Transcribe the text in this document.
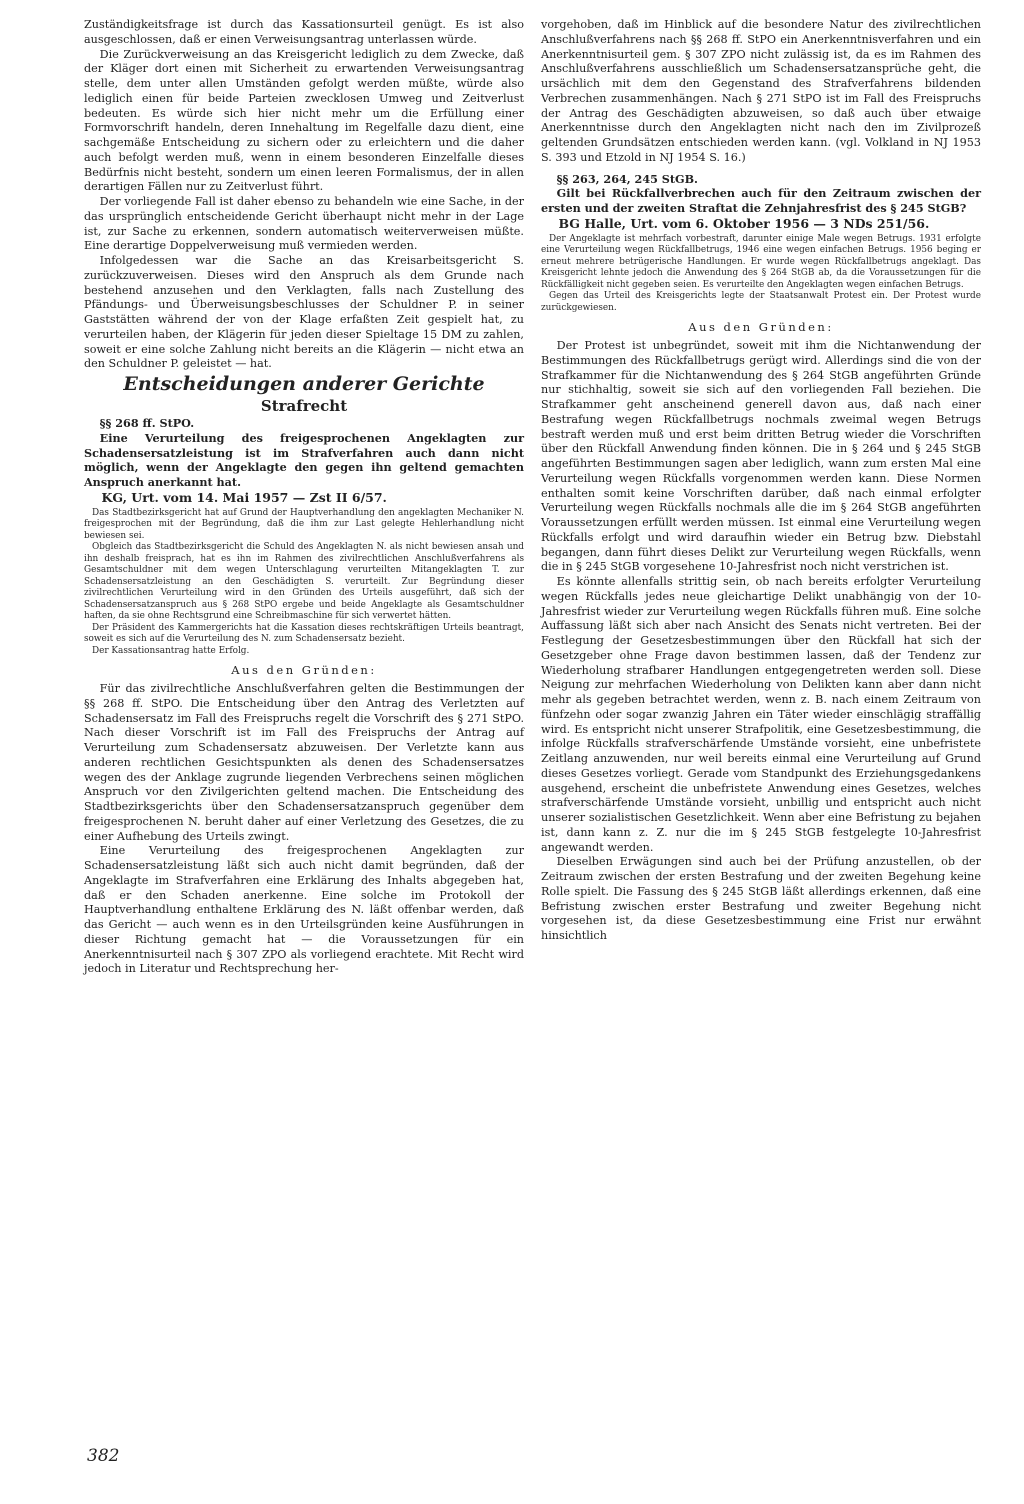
Zuständigkeitsfrage ist durch das Kassationsurteil genügt. Es ist also ausgeschlossen, daß er einen Verweisungsantrag unterlassen würde.

Die Zurückverweisung an das Kreisgericht lediglich zu dem Zwecke, daß der Kläger dort einen mit Sicherheit zu erwartenden Verweisungsantrag stelle, dem unter allen Umständen gefolgt werden müßte, würde also lediglich einen für beide Parteien zwecklosen Umweg und Zeitverlust bedeuten. Es würde sich hier nicht mehr um die Erfüllung einer Formvorschrift handeln, deren Innehaltung im Regelfalle dazu dient, eine sachgemäße Entscheidung zu sichern oder zu erleichtern und die daher auch befolgt werden muß, wenn in einem besonderen Einzelfalle dieses Bedürfnis nicht besteht, sondern um einen leeren Formalismus, der in allen derartigen Fällen nur zu Zeitverlust führt.

Der vorliegende Fall ist daher ebenso zu behandeln wie eine Sache, in der das ursprünglich entscheidende Gericht überhaupt nicht mehr in der Lage ist, zur Sache zu erkennen, sondern automatisch weiterverweisen müßte. Eine derartige Doppelverweisung muß vermieden werden.

Infolgedessen war die Sache an das Kreisarbeitsgericht S. zurückzuverweisen. Dieses wird den Anspruch als dem Grunde nach bestehend anzusehen und den Verklagten, falls nach Zustellung des Pfändungs- und Überweisungsbeschlusses der Schuldner P. in seiner Gaststätten während der von der Klage erfaßten Zeit gespielt hat, zu verurteilen haben, der Klägerin für jeden dieser Spieltage 15 DM zu zahlen, soweit er eine solche Zahlung nicht bereits an die Klägerin — nicht etwa an den Schuldner P. geleistet — hat.

Entscheidungen anderer Gerichte

Strafrecht

§§ 268 ff. StPO.

Eine Verurteilung des freigesprochenen Angeklagten zur Schadensersatzleistung ist im Strafverfahren auch dann nicht möglich, wenn der Angeklagte den gegen ihn geltend gemachten Anspruch anerkannt hat.

KG, Urt. vom 14. Mai 1957 — Zst II 6/57.

Das Stadtbezirksgericht hat auf Grund der Hauptverhandlung den angeklagten Mechaniker N. freigesprochen mit der Begründung, daß die ihm zur Last gelegte Hehlerhandlung nicht bewiesen sei.

Obgleich das Stadtbezirksgericht die Schuld des Angeklagten N. als nicht bewiesen ansah und ihn deshalb freisprach, hat es ihn im Rahmen des zivilrechtlichen Anschlußverfahrens als Gesamtschuldner mit dem wegen Unterschlagung verurteilten Mitangeklagten T. zur Schadensersatzleistung an den Geschädigten S. verurteilt. Zur Begründung dieser zivilrechtlichen Verurteilung wird in den Gründen des Urteils ausgeführt, daß sich der Schadensersatzanspruch aus § 268 StPO ergebe und beide Angeklagte als Gesamtschuldner haften, da sie ohne Rechtsgrund eine Schreibmaschine für sich verwertet hätten.

Der Präsident des Kammergerichts hat die Kassation dieses rechtskräftigen Urteils beantragt, soweit es sich auf die Verurteilung des N. zum Schadensersatz bezieht.

Der Kassationsantrag hatte Erfolg.

Aus den Gründen:

Für das zivilrechtliche Anschlußverfahren gelten die Bestimmungen der §§ 268 ff. StPO. Die Entscheidung über den Antrag des Verletzten auf Schadensersatz im Fall des Freispruchs regelt die Vorschrift des § 271 StPO. Nach dieser Vorschrift ist im Fall des Freispruchs der Antrag auf Verurteilung zum Schadensersatz abzuweisen. Der Verletzte kann aus anderen rechtlichen Gesichtspunkten als denen des Schadensersatzes wegen des der Anklage zugrunde liegenden Verbrechens seinen möglichen Anspruch vor den Zivilgerichten geltend machen. Die Entscheidung des Stadtbezirksgerichts über den Schadensersatzanspruch gegenüber dem freigesprochenen N. beruht daher auf einer Verletzung des Gesetzes, die zu einer Aufhebung des Urteils zwingt.

Eine Verurteilung des freigesprochenen Angeklagten zur Schadensersatzleistung läßt sich auch nicht damit begründen, daß der Angeklagte im Strafverfahren eine Erklärung des Inhalts abgegeben hat, daß er den Schaden anerkenne. Eine solche im Protokoll der Hauptverhandlung enthaltene Erklärung des N. läßt offenbar werden, daß das Gericht — auch wenn es in den Urteilsgründen keine Ausführungen in dieser Richtung gemacht hat — die Voraussetzungen für ein Anerkenntnisurteil nach § 307 ZPO als vorliegend erachtete. Mit Recht wird jedoch in Literatur und Rechtsprechung her-

vorgehoben, daß im Hinblick auf die besondere Natur des zivilrechtlichen Anschlußverfahrens nach §§ 268 ff. StPO ein Anerkenntnisverfahren und ein Anerkenntnisurteil gem. § 307 ZPO nicht zulässig ist, da es im Rahmen des Anschlußverfahrens ausschließlich um Schadensersatzansprüche geht, die ursächlich mit dem den Gegenstand des Strafverfahrens bildenden Verbrechen zusammenhängen. Nach § 271 StPO ist im Fall des Freispruchs der Antrag des Geschädigten abzuweisen, so daß auch über etwaige Anerkenntnisse durch den Angeklagten nicht nach den im Zivilprozeß geltenden Grundsätzen entschieden werden kann. (vgl. Volkland in NJ 1953 S. 393 und Etzold in NJ 1954 S. 16.)

§§ 263, 264, 245 StGB.

Gilt bei Rückfallverbrechen auch für den Zeitraum zwischen der ersten und der zweiten Straftat die Zehnjahresfrist des § 245 StGB?

BG Halle, Urt. vom 6. Oktober 1956 — 3 NDs 251/56.

Der Angeklagte ist mehrfach vorbestraft, darunter einige Male wegen Betrugs. 1931 erfolgte eine Verurteilung wegen Rückfallbetrugs, 1946 eine wegen einfachen Betrugs. 1956 beging er erneut mehrere betrügerische Handlungen. Er wurde wegen Rückfallbetrugs angeklagt. Das Kreisgericht lehnte jedoch die Anwendung des § 264 StGB ab, da die Voraussetzungen für die Rückfälligkeit nicht gegeben seien. Es verurteilte den Angeklagten wegen einfachen Betrugs.

Gegen das Urteil des Kreisgerichts legte der Staatsanwalt Protest ein. Der Protest wurde zurückgewiesen.

Aus den Gründen:

Der Protest ist unbegründet, soweit mit ihm die Nichtanwendung der Bestimmungen des Rückfallbetrugs gerügt wird. Allerdings sind die von der Strafkammer für die Nichtanwendung des § 264 StGB angeführten Gründe nur stichhaltig, soweit sie sich auf den vorliegenden Fall beziehen. Die Strafkammer geht anscheinend generell davon aus, daß nach einer Bestrafung wegen Rückfallbetrugs nochmals zweimal wegen Betrugs bestraft werden muß und erst beim dritten Betrug wieder die Vorschriften über den Rückfall Anwendung finden können. Die in § 264 und § 245 StGB angeführten Bestimmungen sagen aber lediglich, wann zum ersten Mal eine Verurteilung wegen Rückfalls vorgenommen werden kann. Diese Normen enthalten somit keine Vorschriften darüber, daß nach einmal erfolgter Verurteilung wegen Rückfalls nochmals alle die im § 264 StGB angeführten Voraussetzungen erfüllt werden müssen. Ist einmal eine Verurteilung wegen Rückfalls erfolgt und wird daraufhin wieder ein Betrug bzw. Diebstahl begangen, dann führt dieses Delikt zur Verurteilung wegen Rückfalls, wenn die in § 245 StGB vorgesehene 10-Jahresfrist noch nicht verstrichen ist.

Es könnte allenfalls strittig sein, ob nach bereits erfolgter Verurteilung wegen Rückfalls jedes neue gleichartige Delikt unabhängig von der 10-Jahresfrist wieder zur Verurteilung wegen Rückfalls führen muß. Eine solche Auffassung läßt sich aber nach Ansicht des Senats nicht vertreten. Bei der Festlegung der Gesetzesbestimmungen über den Rückfall hat sich der Gesetzgeber ohne Frage davon bestimmen lassen, daß der Tendenz zur Wiederholung strafbarer Handlungen entgegengetreten werden soll. Diese Neigung zur mehrfachen Wiederholung von Delikten kann aber dann nicht mehr als gegeben betrachtet werden, wenn z. B. nach einem Zeitraum von fünfzehn oder sogar zwanzig Jahren ein Täter wieder einschlägig straffällig wird. Es entspricht nicht unserer Strafpolitik, eine Gesetzesbestimmung, die infolge Rückfalls strafverschärfende Umstände vorsieht, eine unbefristete Zeitlang anzuwenden, nur weil bereits einmal eine Verurteilung auf Grund dieses Gesetzes vorliegt. Gerade vom Standpunkt des Erziehungsgedankens ausgehend, erscheint die unbefristete Anwendung eines Gesetzes, welches strafverschärfende Umstände vorsieht, unbillig und entspricht auch nicht unserer sozialistischen Gesetzlichkeit. Wenn aber eine Befristung zu bejahen ist, dann kann z. Z. nur die im § 245 StGB festgelegte 10-Jahresfrist angewandt werden.

Dieselben Erwägungen sind auch bei der Prüfung anzustellen, ob der Zeitraum zwischen der ersten Bestrafung und der zweiten Begehung keine Rolle spielt. Die Fassung des § 245 StGB läßt allerdings erkennen, daß eine Befristung zwischen erster Bestrafung und zweiter Begehung nicht vorgesehen ist, da diese Gesetzesbestimmung eine Frist nur erwähnt hinsichtlich

382
